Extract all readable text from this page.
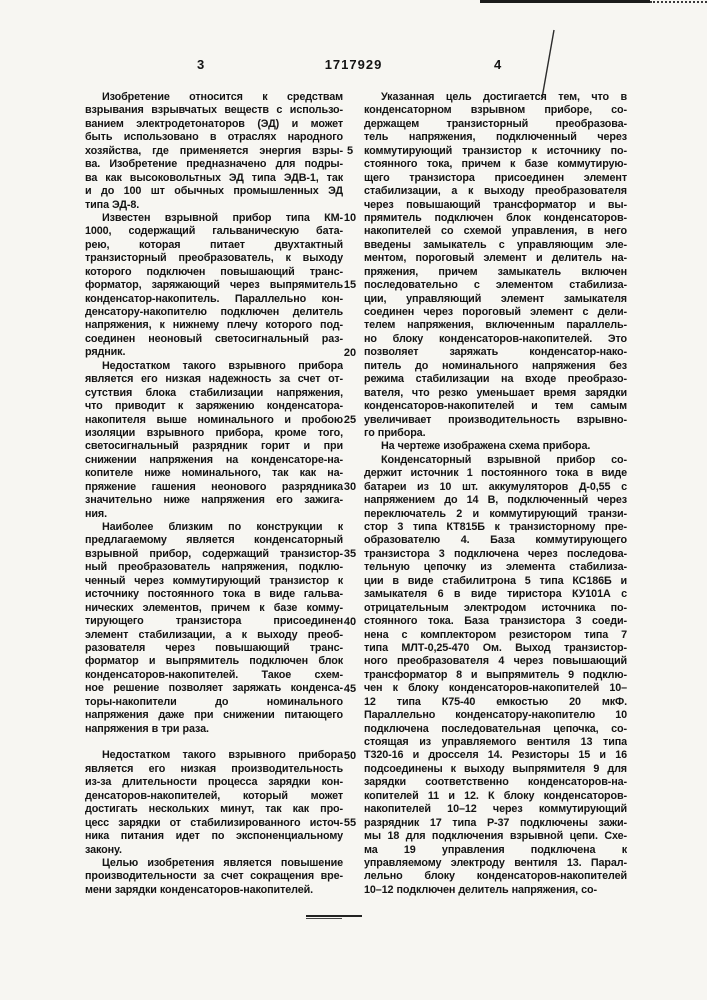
3	1717929	4
Изобретение относится к средствам
взрывания взрывчатых веществ с использо-
ванием электродетонаторов (ЭД) и может
быть использовано в отраслях народного
хозяйства, где применяется энергия взры-
ва. Изобретение предназначено для подры-
ва как высоковольтных ЭД типа ЭДВ-1, так
и до 100 шт обычных промышленных ЭД
типа ЭД-8.
Известен взрывной прибор типа КМ-
1000, содержащий гальваническую бата-
рею, которая питает двухтактный
транзисторный преобразователь, к выходу
которого подключен повышающий транс-
форматор, заряжающий через выпрямитель
конденсатор-накопитель. Параллельно кон-
денсатору-накопителю подключен делитель
напряжения, к нижнему плечу которого под-
соединен неоновый светосигнальный раз-
рядник.
Недостатком такого взрывного прибора
является его низкая надежность за счет от-
сутствия блока стабилизации напряжения,
что приводит к заряжению конденсатора-
накопителя выше номинального и пробою
изоляции взрывного прибора, кроме того,
светосигнальный разрядник горит и при
снижении напряжения на конденсаторе-на-
копителе ниже номинального, так как на-
пряжение гашения неонового разрядника
значительно ниже напряжения его зажига-
ния.
Наиболее близким по конструкции к
предлагаемому является конденсаторный
взрывной прибор, содержащий транзистор-
ный преобразователь напряжения, подклю-
ченный через коммутирующий транзистор к
источнику постоянного тока в виде гальва-
нических элементов, причем к базе комму-
тирующего транзистора присоединен
элемент стабилизации, а к выходу преоб-
разователя через повышающий транс-
форматор и выпрямитель подключен блок
конденсаторов-накопителей. Такое схем-
ное решение позволяет заряжать конденса-
торы-накопители до номинального
напряжения даже при снижении питающего
напряжения в три раза.
Недостатком такого взрывного прибора
является его низкая производительность
из-за длительности процесса зарядки кон-
денсаторов-накопителей, который может
достигать нескольких минут, так как про-
цесс зарядки от стабилизированного источ-
ника питания идет по экспоненциальному
закону.
Целью изобретения является повышение
производительности за счет сокращения вре-
мени зарядки конденсаторов-накопителей.
5
10
15
20
25
30
35
40
45
50
55
Указанная цель достигается тем, что в
конденсаторном взрывном приборе, со-
держащем транзисторный преобразова-
тель напряжения, подключенный через
коммутирующий транзистор к источнику по-
стоянного тока, причем к базе коммутирую-
щего транзистора присоединен элемент
стабилизации, а к выходу преобразователя
через повышающий трансформатор и вы-
прямитель подключен блок конденсаторов-
накопителей со схемой управления, в него
введены замыкатель с управляющим эле-
ментом, пороговый элемент и делитель на-
пряжения, причем замыкатель включен
последовательно с элементом стабилиза-
ции, управляющий элемент замыкателя
соединен через пороговый элемент с дели-
телем напряжения, включенным параллель-
но блоку конденсаторов-накопителей. Это
позволяет заряжать конденсатор-нако-
питель до номинального напряжения без
режима стабилизации на входе преобразо-
вателя, что резко уменьшает время зарядки
конденсаторов-накопителей и тем самым
увеличивает производительность взрывно-
го прибора.
На чертеже изображена схема прибора.
Конденсаторный взрывной прибор со-
держит источник 1 постоянного тока в виде
батареи из 10 шт. аккумуляторов Д-0,55 с
напряжением до 14 В, подключенный через
переключатель 2 и коммутирующий транзи-
стор 3 типа КТ815Б к транзисторному пре-
образователю 4. База коммутирующего
транзистора 3 подключена через последова-
тельную цепочку из элемента стабилиза-
ции в виде стабилитрона 5 типа КС186Б и
замыкателя 6 в виде тиристора КУ101А с
отрицательным электродом источника по-
стоянного тока. База транзистора 3 соеди-
нена с комплектором резистором типа 7
типа МЛТ-0,25-470 Ом. Выход транзистор-
ного преобразователя 4 через повышающий
трансформатор 8 и выпрямитель 9 подклю-
чен к блоку конденсаторов-накопителей 10–
12 типа К75-40 емкостью 20 мкФ.
Параллельно конденсатору-накопителю 10
подключена последовательная цепочка, со-
стоящая из управляемого вентиля 13 типа
Т320-16 и дросселя 14. Резисторы 15 и 16
подсоединены к выходу выпрямителя 9 для
зарядки соответственно конденсаторов-на-
копителей 11 и 12. К блоку конденсаторов-
накопителей 10–12 через коммутирующий
разрядник 17 типа Р-37 подключены зажи-
мы 18 для подключения взрывной цепи. Схе-
ма 19 управления подключена к
управляемому электроду вентиля 13. Парал-
лельно блоку конденсаторов-накопителей
10–12 подключен делитель напряжения, со-
